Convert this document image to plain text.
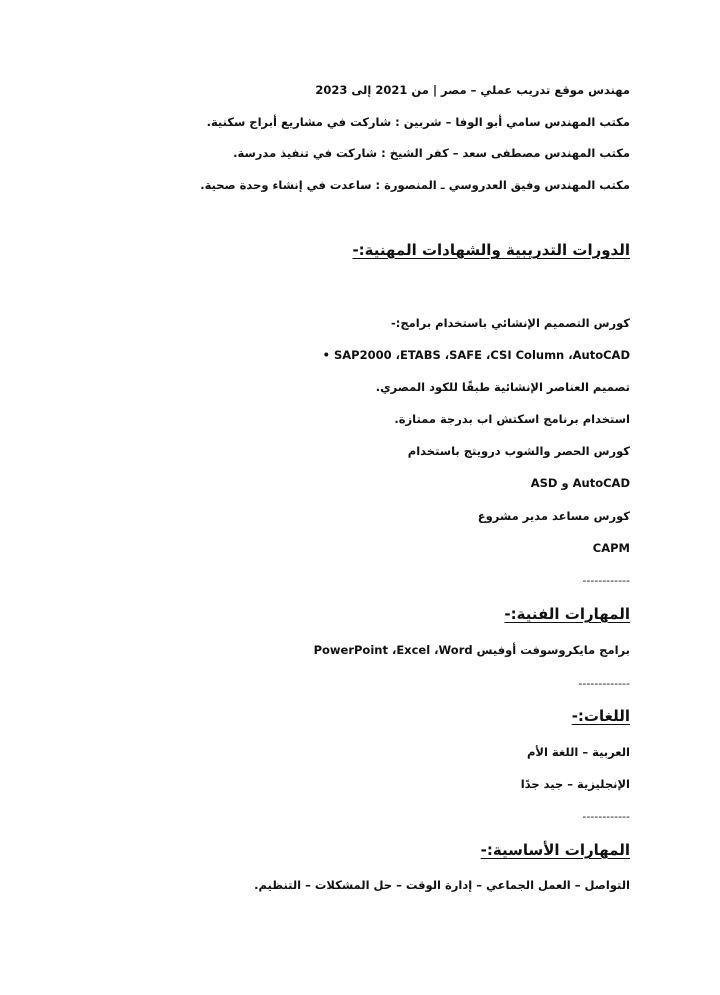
مهندس موقع تدريب عملي – مصر | من 2021 إلى 2023
مكتب المهندس سامي أبو الوفا – شربين : شاركت في مشاريع أبراج سكنية.
مكتب المهندس مصطفى سعد – كفر الشيخ : شاركت في تنفيذ مدرسة.
مكتب المهندس وفيق العدروسي ـ المنصورة : ساعدت في إنشاء وحدة صحية.
الدورات التدريبية والشهادات المهنية:-
كورس التصميم الإنشائي باستخدام برامج:-
SAP2000 ،ETABS ،SAFE ،CSI Column ،AutoCAD •
تصميم العناصر الإنشائية طبقًا للكود المصري.
استخدام برنامج اسكتش اب بدرجة ممتازة.
كورس الحصر والشوب درويتج باستخدام
AutoCAD و ASD
كورس مساعد مدير مشروع
CAPM
------------
المهارات الفنية:-
برامج مايكروسوفت أوفيس PowerPoint ،Excel ،Word
-------------
اللغات:-
العربية – اللغة الأم
الإنجليزية – جيد جدًا
------------
المهارات الأساسية:-
التواصل – العمل الجماعي – إدارة الوقت – حل المشكلات – التنظيم.
